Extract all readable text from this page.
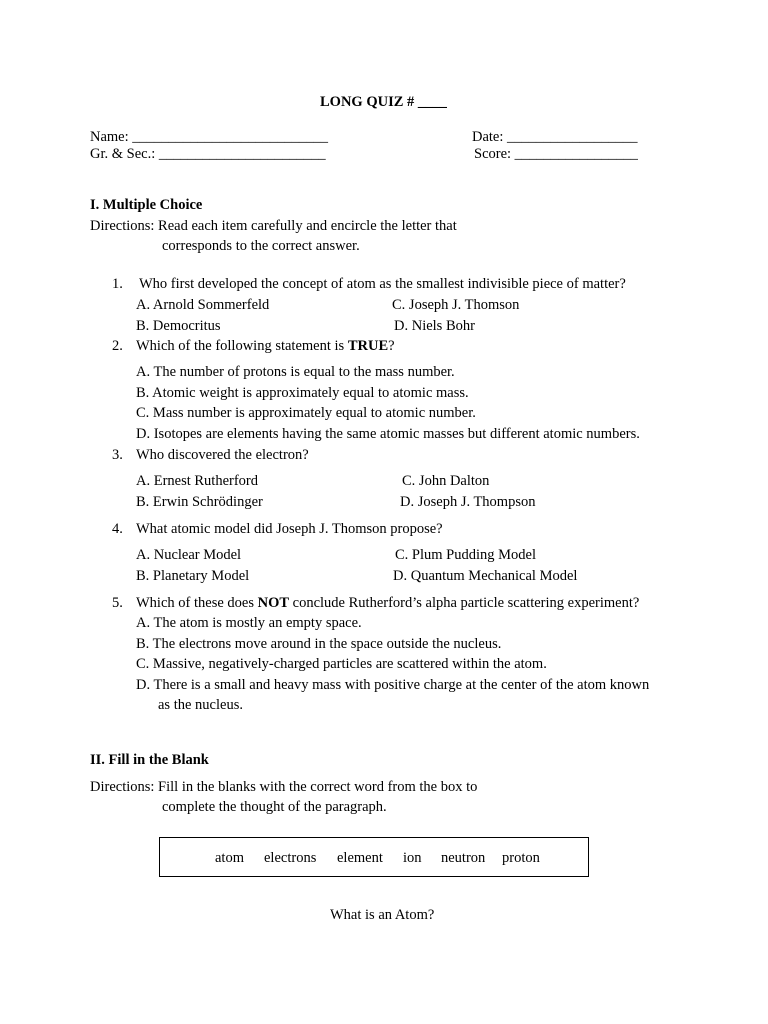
LONG QUIZ # ____
Name: ___________________________	Date: __________________
Gr. & Sec.: _______________________	Score: _________________
I. Multiple Choice
Directions: Read each item carefully and encircle the letter that
corresponds to the correct answer.
1. Who first developed the concept of atom as the smallest indivisible piece of matter?
A. Arnold Sommerfeld	C. Joseph J. Thomson
B. Democritus	D. Niels Bohr
2. Which of the following statement is TRUE?
A. The number of protons is equal to the mass number.
B. Atomic weight is approximately equal to atomic mass.
C. Mass number is approximately equal to atomic number.
D. Isotopes are elements having the same atomic masses but different atomic numbers.
3. Who discovered the electron?
A. Ernest Rutherford	C. John Dalton
B. Erwin Schrödinger	D. Joseph J. Thompson
4. What atomic model did Joseph J. Thomson propose?
A. Nuclear Model	C. Plum Pudding Model
B. Planetary Model	D. Quantum Mechanical Model
5. Which of these does NOT conclude Rutherford’s alpha particle scattering experiment?
A. The atom is mostly an empty space.
B. The electrons move around in the space outside the nucleus.
C. Massive, negatively-charged particles are scattered within the atom.
D. There is a small and heavy mass with positive charge at the center of the atom known
as the nucleus.
II. Fill in the Blank
Directions: Fill in the blanks with the correct word from the box to
complete the thought of the paragraph.
atom electrons element ion neutron proton
What is an Atom?
